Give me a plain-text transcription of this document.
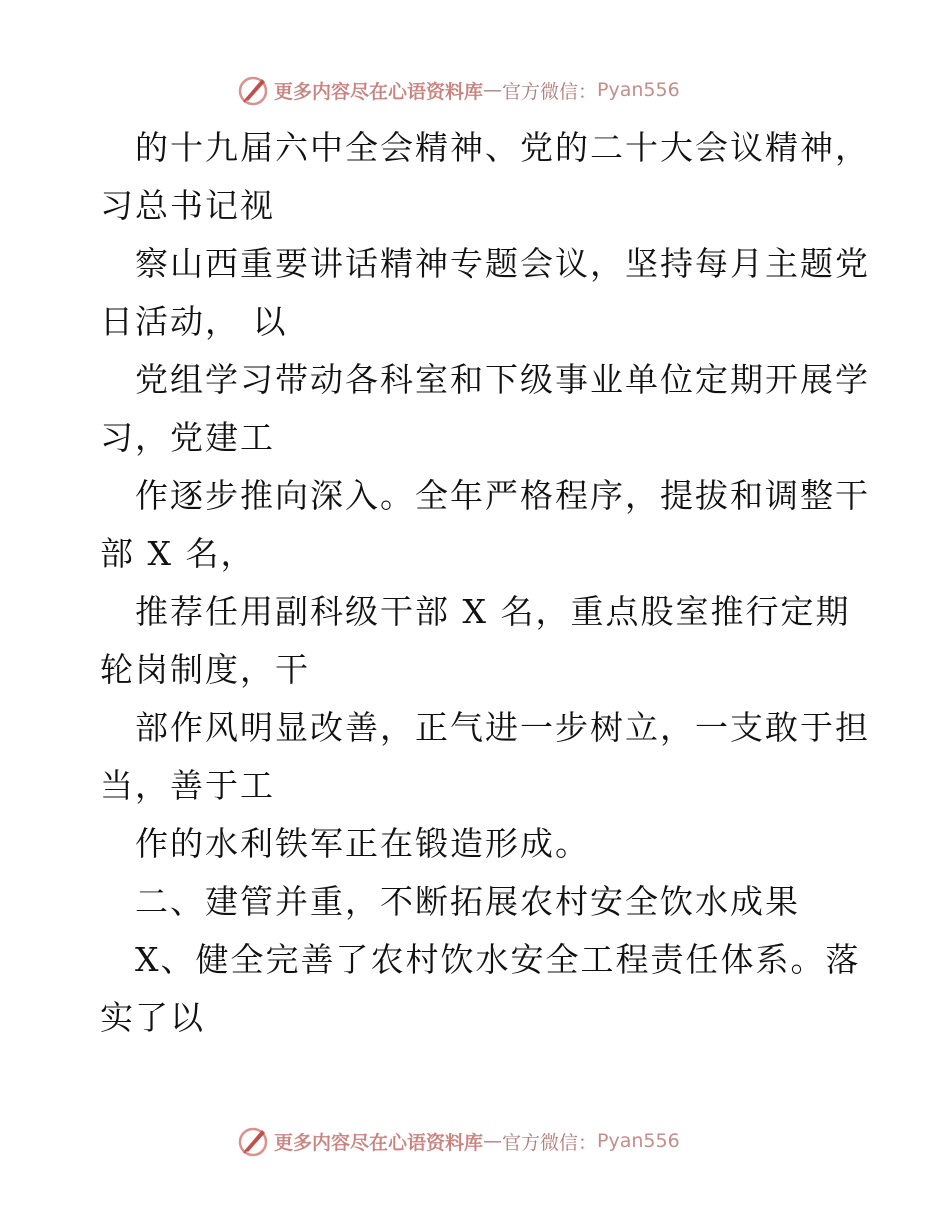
更多内容尽在心语资料库 — 官方微信： Pyan556
的十九届六中全会精神、党的二十大会议精神，
习总书记视
察山西重要讲话精神专题会议，坚持每月主题党
日活动， 以
党组学习带动各科室和下级事业单位定期开展学
习，党建工
作逐步推向深入。全年严格程序，提拔和调整干
部 X 名，
推荐任用副科级干部 X 名，重点股室推行定期
轮岗制度，干
部作风明显改善，正气进一步树立，一支敢于担
当，善于工
作的水利铁军正在锻造形成。
二、建管并重，不断拓展农村安全饮水成果
X、健全完善了农村饮水安全工程责任体系。落
实了以
更多内容尽在心语资料库 — 官方微信： Pyan556
